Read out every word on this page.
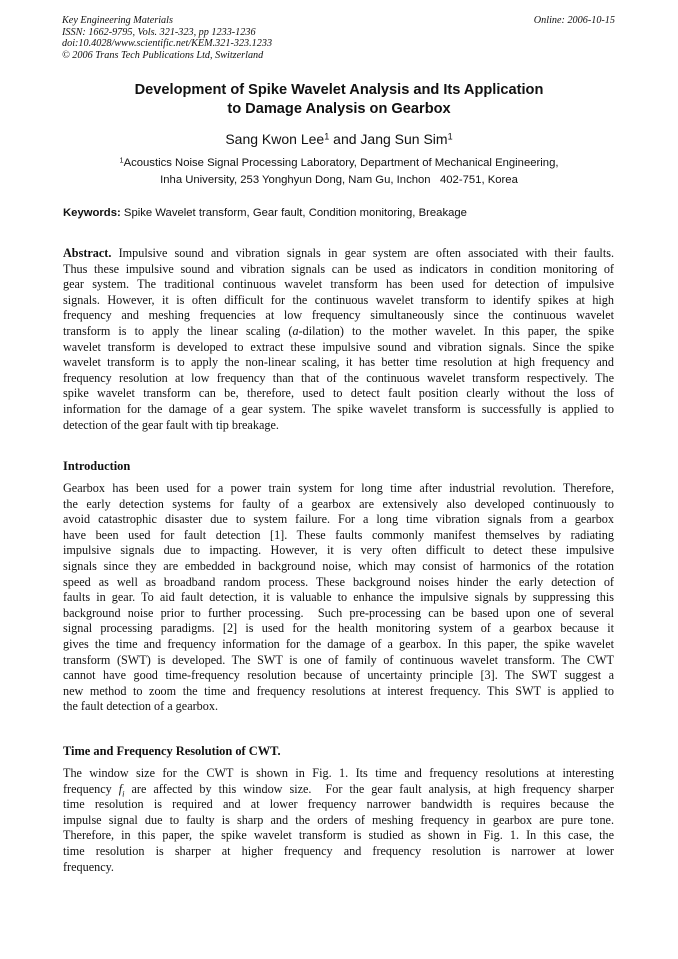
Key Engineering Materials
ISSN: 1662-9795, Vols. 321-323, pp 1233-1236
doi:10.4028/www.scientific.net/KEM.321-323.1233
© 2006 Trans Tech Publications Ltd, Switzerland
Online: 2006-10-15
Development of Spike Wavelet Analysis and Its Application
to Damage Analysis on Gearbox
Sang Kwon Lee$^1$ and Jang Sun Sim$^1$
$^1$Acoustics Noise Signal Processing Laboratory, Department of Mechanical Engineering,
Inha University, 253 Yonghyun Dong, Nam Gu, Inchon   402-751, Korea
Keywords: Spike Wavelet transform, Gear fault, Condition monitoring, Breakage
Abstract. Impulsive sound and vibration signals in gear system are often associated with their faults.
Thus these impulsive sound and vibration signals can be used as indicators in condition monitoring of
gear system. The traditional continuous wavelet transform has been used for detection of impulsive
signals. However, it is often difficult for the continuous wavelet transform to identify spikes at high
frequency and meshing frequencies at low frequency simultaneously since the continuous wavelet
transform is to apply the linear scaling (a-dilation) to the mother wavelet. In this paper, the spike
wavelet transform is developed to extract these impulsive sound and vibration signals. Since the spike
wavelet transform is to apply the non-linear scaling, it has better time resolution at high frequency and
frequency resolution at low frequency than that of the continuous wavelet transform respectively. The
spike wavelet transform can be, therefore, used to detect fault position clearly without the loss of
information for the damage of a gear system. The spike wavelet transform is successfully is applied to
detection of the gear fault with tip breakage.
Introduction
Gearbox has been used for a power train system for long time after industrial revolution. Therefore,
the early detection systems for faulty of a gearbox are extensively also developed continuously to
avoid catastrophic disaster due to system failure. For a long time vibration signals from a gearbox
have been used for fault detection [1]. These faults commonly manifest themselves by radiating
impulsive signals due to impacting. However, it is very often difficult to detect these impulsive
signals since they are embedded in background noise, which may consist of harmonics of the rotation
speed as well as broadband random process. These background noises hinder the early detection of
faults in gear. To aid fault detection, it is valuable to enhance the impulsive signals by suppressing this
background noise prior to further processing.  Such pre-processing can be based upon one of several
signal processing paradigms. [2] is used for the health monitoring system of a gearbox because it
gives the time and frequency information for the damage of a gearbox. In this paper, the spike wavelet
transform (SWT) is developed. The SWT is one of family of continuous wavelet transform. The CWT
cannot have good time-frequency resolution because of uncertainty principle [3]. The SWT suggest a
new method to zoom the time and frequency resolutions at interest frequency. This SWT is applied to
the fault detection of a gearbox.
Time and Frequency Resolution of CWT.
The window size for the CWT is shown in Fig. 1. Its time and frequency resolutions at interesting
frequency $f_i$ are affected by this window size.  For the gear fault analysis, at high frequency sharper
time resolution is required and at lower frequency narrower bandwidth is requires because the
impulse signal due to faulty is sharp and the orders of meshing frequency in gearbox are pure tone.
Therefore, in this paper, the spike wavelet transform is studied as shown in Fig. 1. In this case, the
time resolution is sharper at higher frequency and frequency resolution is narrower at lower
frequency.
